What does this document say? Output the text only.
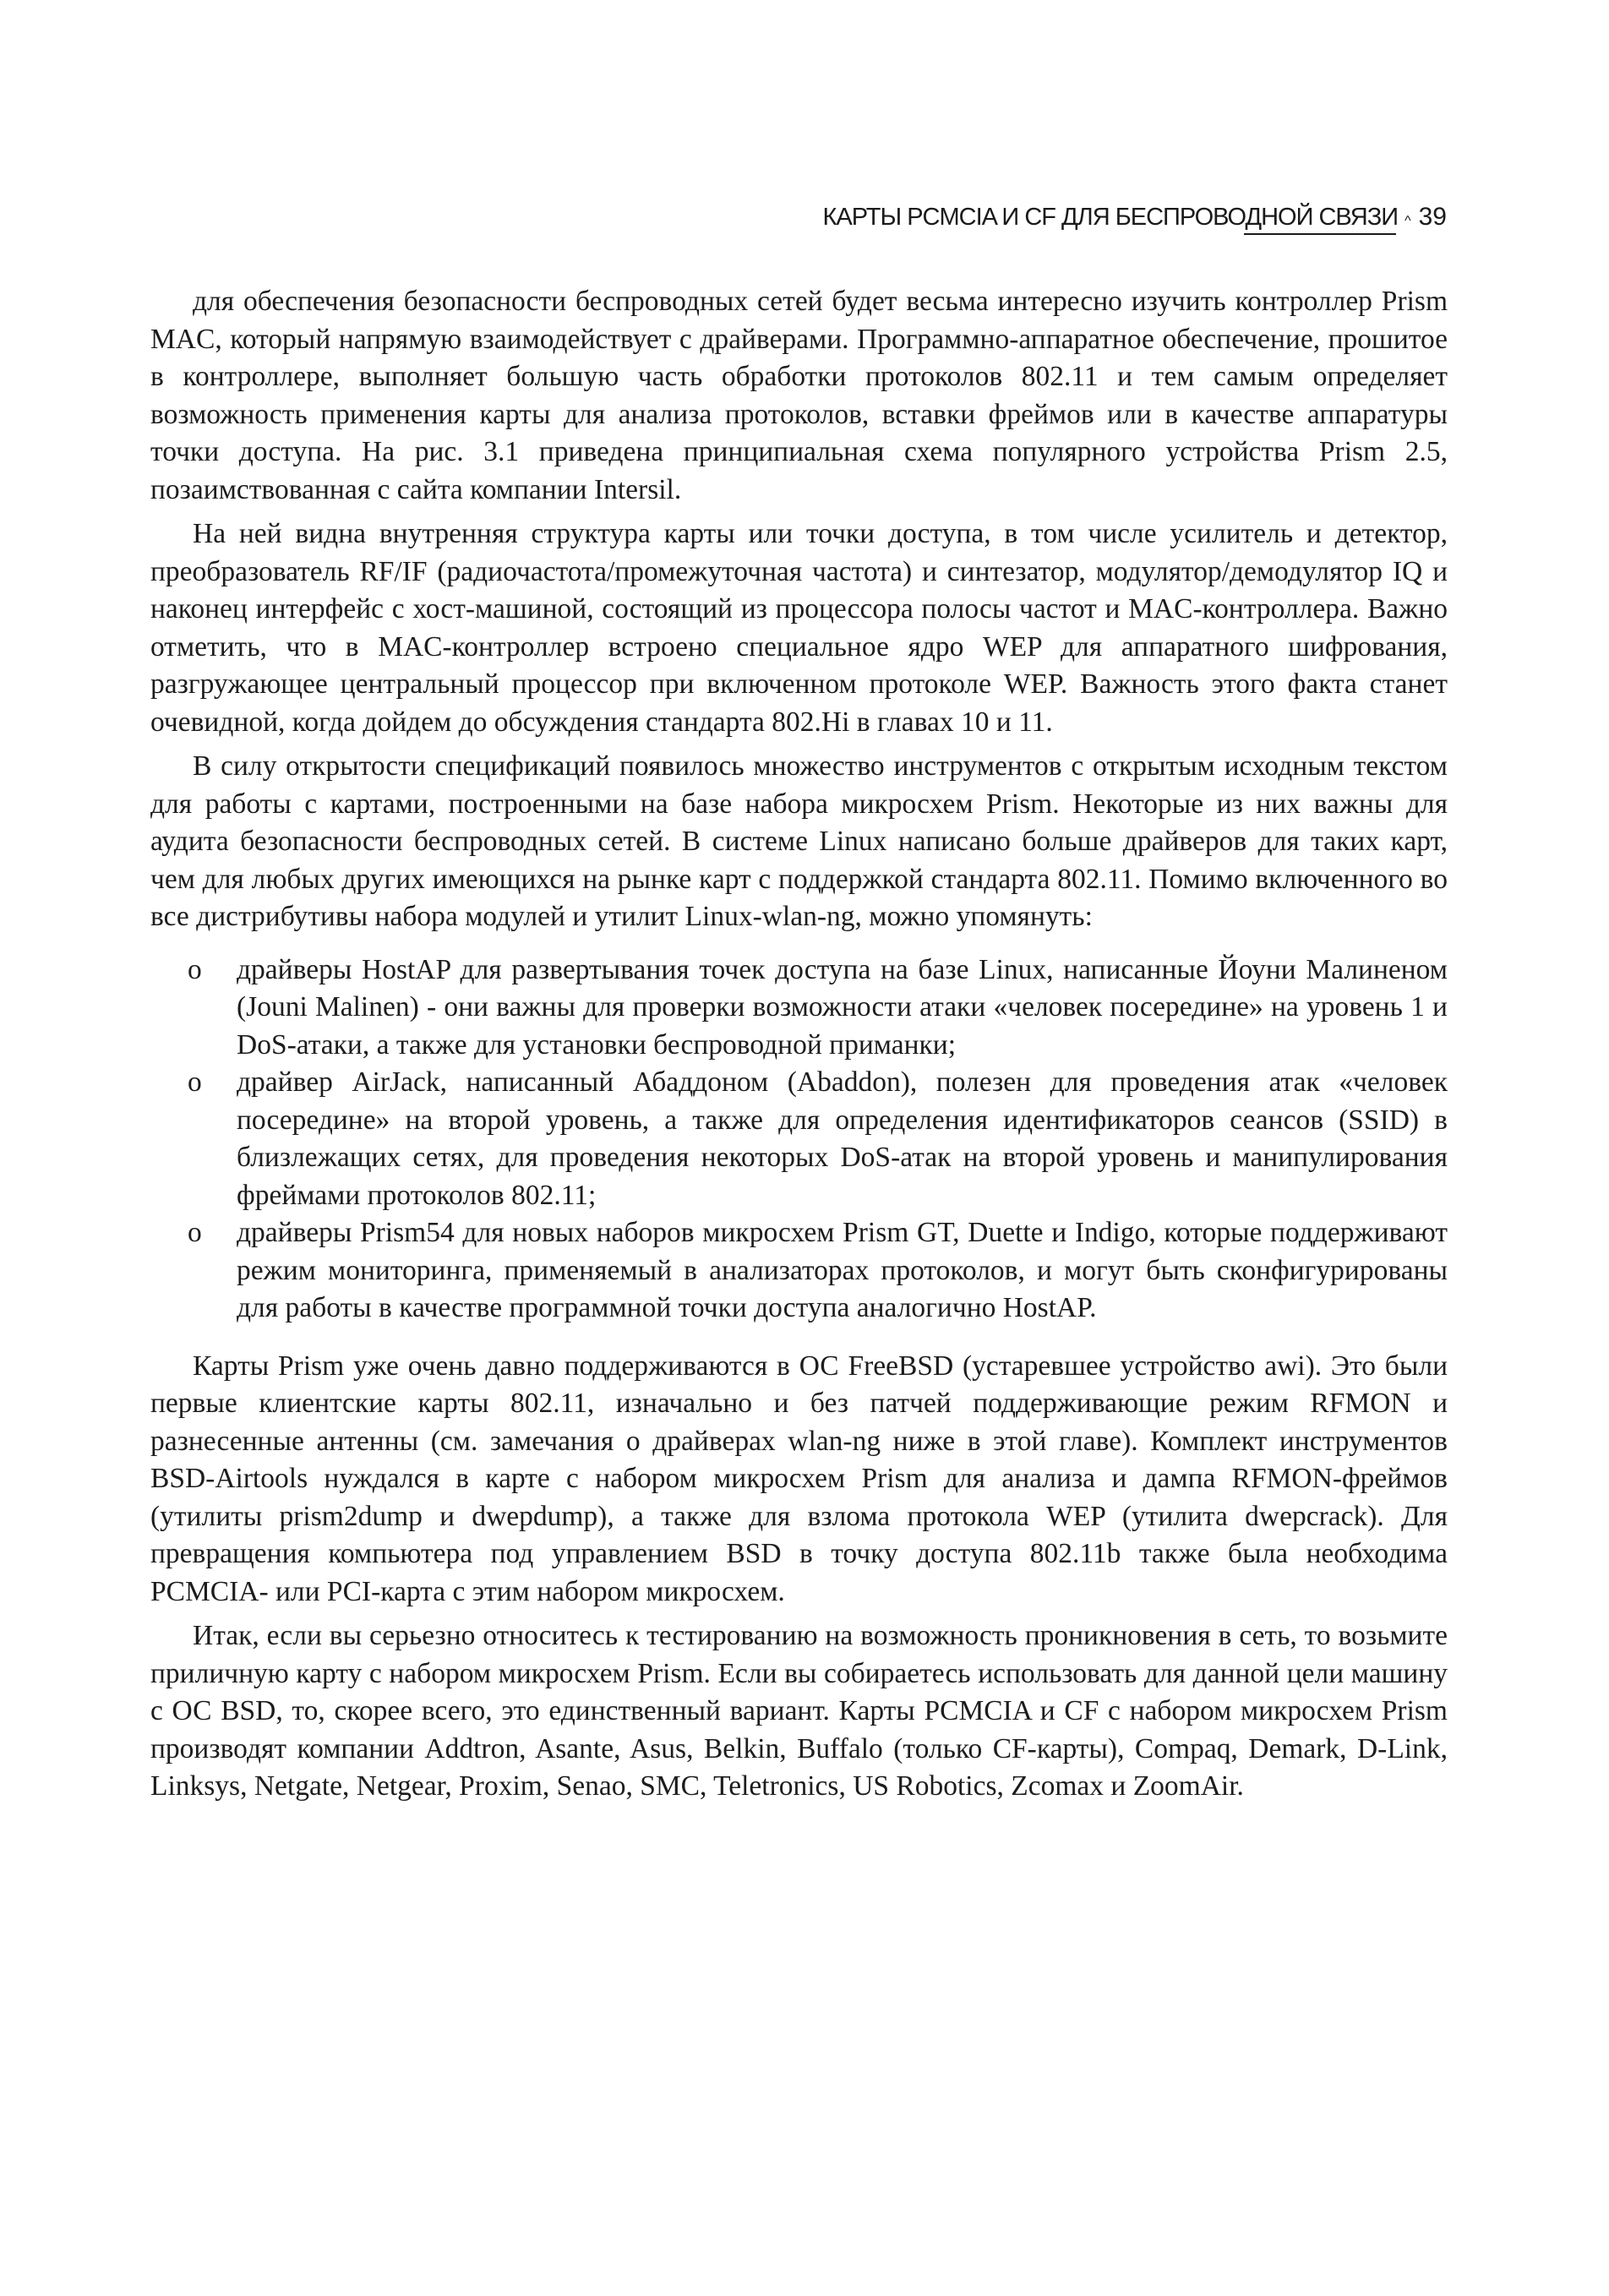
КАРТЫ PCMCIA И CF ДЛЯ БЕСПРОВОДНОЙ СВЯЗИ ^ 39

для обеспечения безопасности беспроводных сетей будет весьма интересно изучить контроллер Prism MAC, который напрямую взаимодействует с драйверами. Программно-аппаратное обеспечение, прошитое в контроллере, выполняет большую часть обработки протоколов 802.11 и тем самым определяет возможность применения карты для анализа протоколов, вставки фреймов или в качестве аппаратуры точки доступа. На рис. 3.1 приведена принципиальная схема популярного устройства Prism 2.5, позаимствованная с сайта компании Intersil.

На ней видна внутренняя структура карты или точки доступа, в том числе усилитель и детектор, преобразователь RF/IF (радиочастота/промежуточная частота) и синтезатор, модулятор/демодулятор IQ и наконец интерфейс с хост-машиной, состоящий из процессора полосы частот и MAC-контроллера. Важно отметить, что в MAC-контроллер встроено специальное ядро WEP для аппаратного шифрования, разгружающее центральный процессор при включенном протоколе WEP. Важность этого факта станет очевидной, когда дойдем до обсуждения стандарта 802.Hi в главах 10 и 11.

В силу открытости спецификаций появилось множество инструментов с открытым исходным текстом для работы с картами, построенными на базе набора микросхем Prism. Некоторые из них важны для аудита безопасности беспроводных сетей. В системе Linux написано больше драйверов для таких карт, чем для любых других имеющихся на рынке карт с поддержкой стандарта 802.11. Помимо включенного во все дистрибутивы набора модулей и утилит Linux-wlan-ng, можно упомянуть:

о драйверы HostAP для развертывания точек доступа на базе Linux, написанные Йоуни Малиненом (Jouni Malinen) - они важны для проверки возможности атаки «человек посередине» на уровень 1 и DoS-атаки, а также для установки беспроводной приманки;
о драйвер AirJack, написанный Абаддоном (Abaddon), полезен для проведения атак «человек посередине» на второй уровень, а также для определения идентификаторов сеансов (SSID) в близлежащих сетях, для проведения некоторых DoS-атак на второй уровень и манипулирования фреймами протоколов 802.11;
о драйверы Prism54 для новых наборов микросхем Prism GT, Duette и Indigo, которые поддерживают режим мониторинга, применяемый в анализаторах протоколов, и могут быть сконфигурированы для работы в качестве программной точки доступа аналогично HostAP.

Карты Prism уже очень давно поддерживаются в ОС FreeBSD (устаревшее устройство awi). Это были первые клиентские карты 802.11, изначально и без патчей поддерживающие режим RFMON и разнесенные антенны (см. замечания о драйверах wlan-ng ниже в этой главе). Комплект инструментов BSD-Airtools нуждался в карте с набором микросхем Prism для анализа и дампа RFMON-фреймов (утилиты prism2dump и dwepdump), а также для взлома протокола WEP (утилита dwepcrack). Для превращения компьютера под управлением BSD в точку доступа 802.11b также была необходима PCMCIA- или PCI-карта с этим набором микросхем.

Итак, если вы серьезно относитесь к тестированию на возможность проникновения в сеть, то возьмите приличную карту с набором микросхем Prism. Если вы собираетесь использовать для данной цели машину с ОС BSD, то, скорее всего, это единственный вариант. Карты PCMCIA и CF с набором микросхем Prism производят компании Addtron, Asante, Asus, Belkin, Buffalo (только CF-карты), Compaq, Demark, D-Link, Linksys, Netgate, Netgear, Proxim, Senao, SMC, Teletronics, US Robotics, Zcomax и ZoomAir.
